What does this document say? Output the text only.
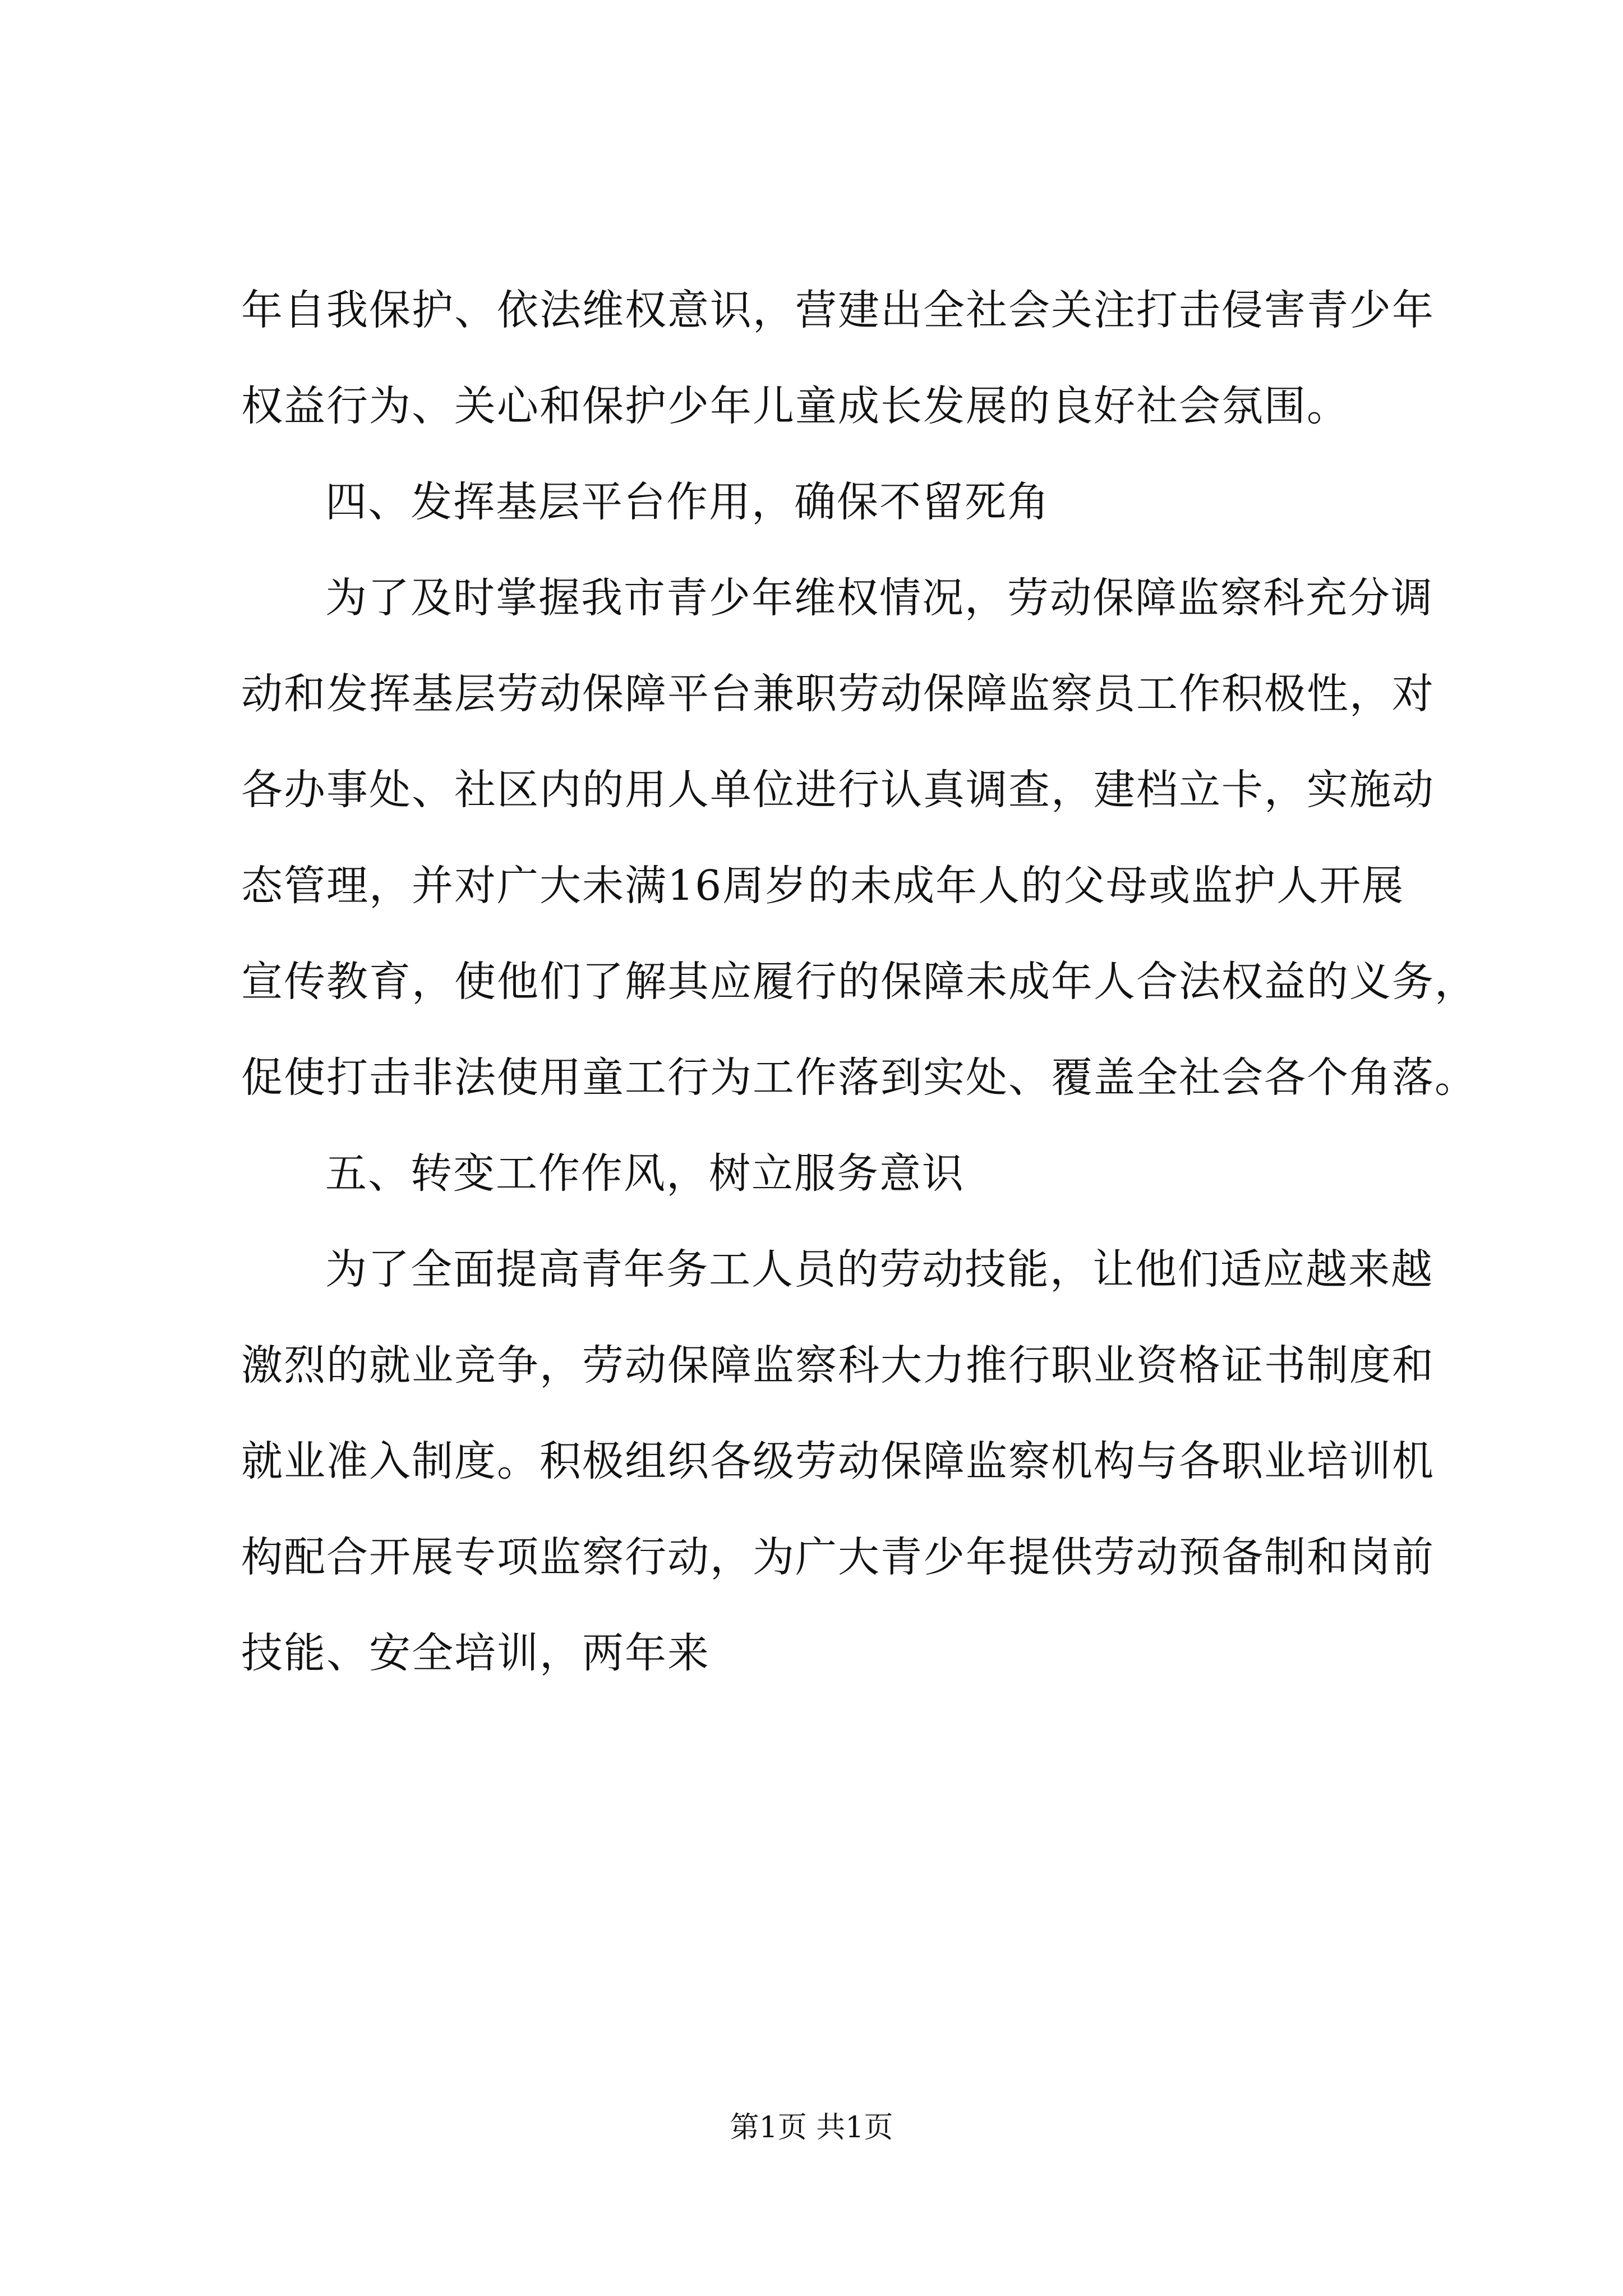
年自我保护、依法维权意识，营建出全社会关注打击侵害青少年
权益行为、关心和保护少年儿童成长发展的良好社会氛围。
四、发挥基层平台作用，确保不留死角
为了及时掌握我市青少年维权情况，劳动保障监察科充分调
动和发挥基层劳动保障平台兼职劳动保障监察员工作积极性，对
各办事处、社区内的用人单位进行认真调查，建档立卡，实施动
态管理，并对广大未满16周岁的未成年人的父母或监护人开展
宣传教育，使他们了解其应履行的保障未成年人合法权益的义务，
促使打击非法使用童工行为工作落到实处、覆盖全社会各个角落。
五、转变工作作风，树立服务意识
为了全面提高青年务工人员的劳动技能，让他们适应越来越
激烈的就业竞争，劳动保障监察科大力推行职业资格证书制度和
就业准入制度。积极组织各级劳动保障监察机构与各职业培训机
构配合开展专项监察行动，为广大青少年提供劳动预备制和岗前
技能、安全培训，两年来
第1页 共1页
